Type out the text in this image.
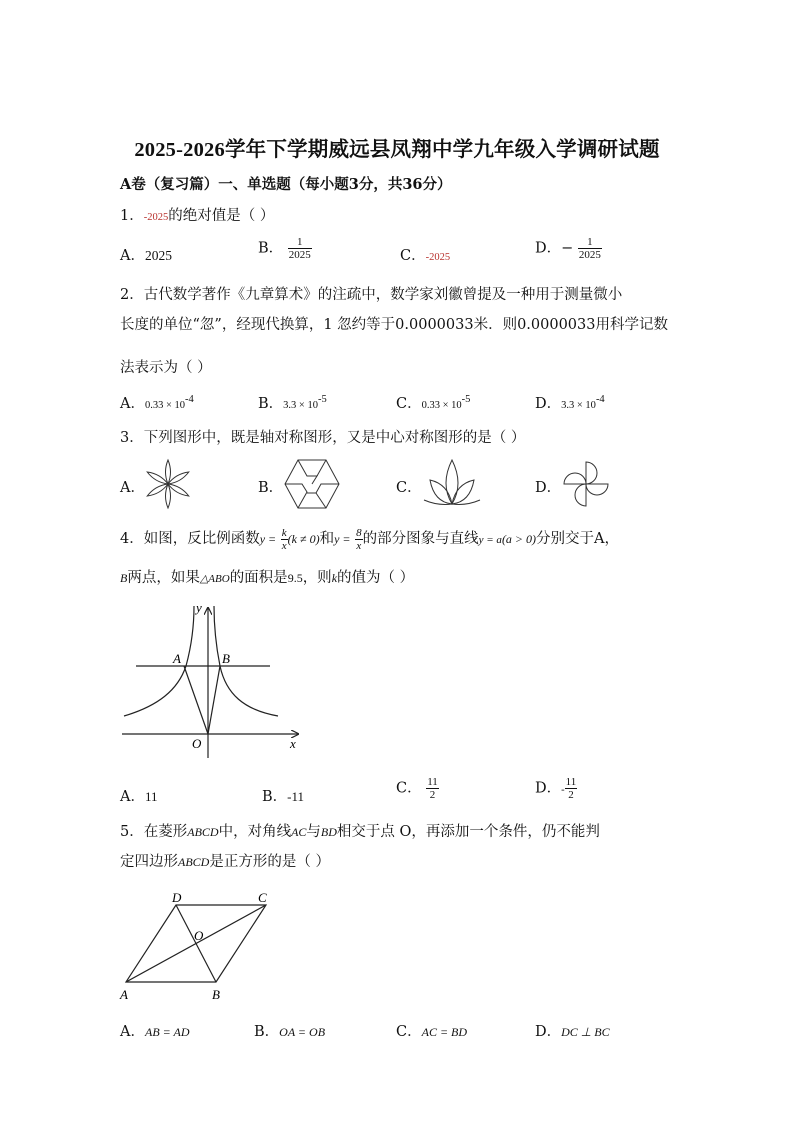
2025-2026学年下学期威远县凤翔中学九年级入学调研试题
A卷（复习篇）一、单选题（每小题3分，共36分）
1．-2025的绝对值是（ ）
A．2025	B． $\frac{1}{2025}$	C．-2025
D．− $\frac{1}{2025}$
2．古代数学著作《九章算术》的注疏中，数学家刘徽曾提及一种用于测量微小
长度的单位“忽”，经现代换算，1 忽约等于0.0000033米．则0.0000033用科学记数
法表示为（ ）
A．$0.33 \times 10^{-4}$	B．$3.3 \times 10^{-5}$	C．$0.33 \times 10^{-5}$	D．$3.3 \times 10^{-4}$
3．下列图形中，既是轴对称图形，又是中心对称图形的是（ ）
A．	B．	C．	D．
4．如图，反比例函数$y = \frac{k}{x} (k \ne 0)$和$y = \frac{8}{x}$ 的部分图象与直线y = a(a > 0)分别交于A，
B两点，如果△ABO的面积是9.5，则k的值为（ ）
y
x
O
A	B
A．11	B．-11	C． $\frac{11}{2}$	D．- $\frac{11}{2}$
5．在菱形ABCD中，对角线AC与BD相交于点 O，再添加一个条件，仍不能判
定四边形ABCD是正方形的是（ ）
A	B
C
D
O
A．AB = AD	B．OA = OB	C．AC = BD	D．DC ⊥ BC
